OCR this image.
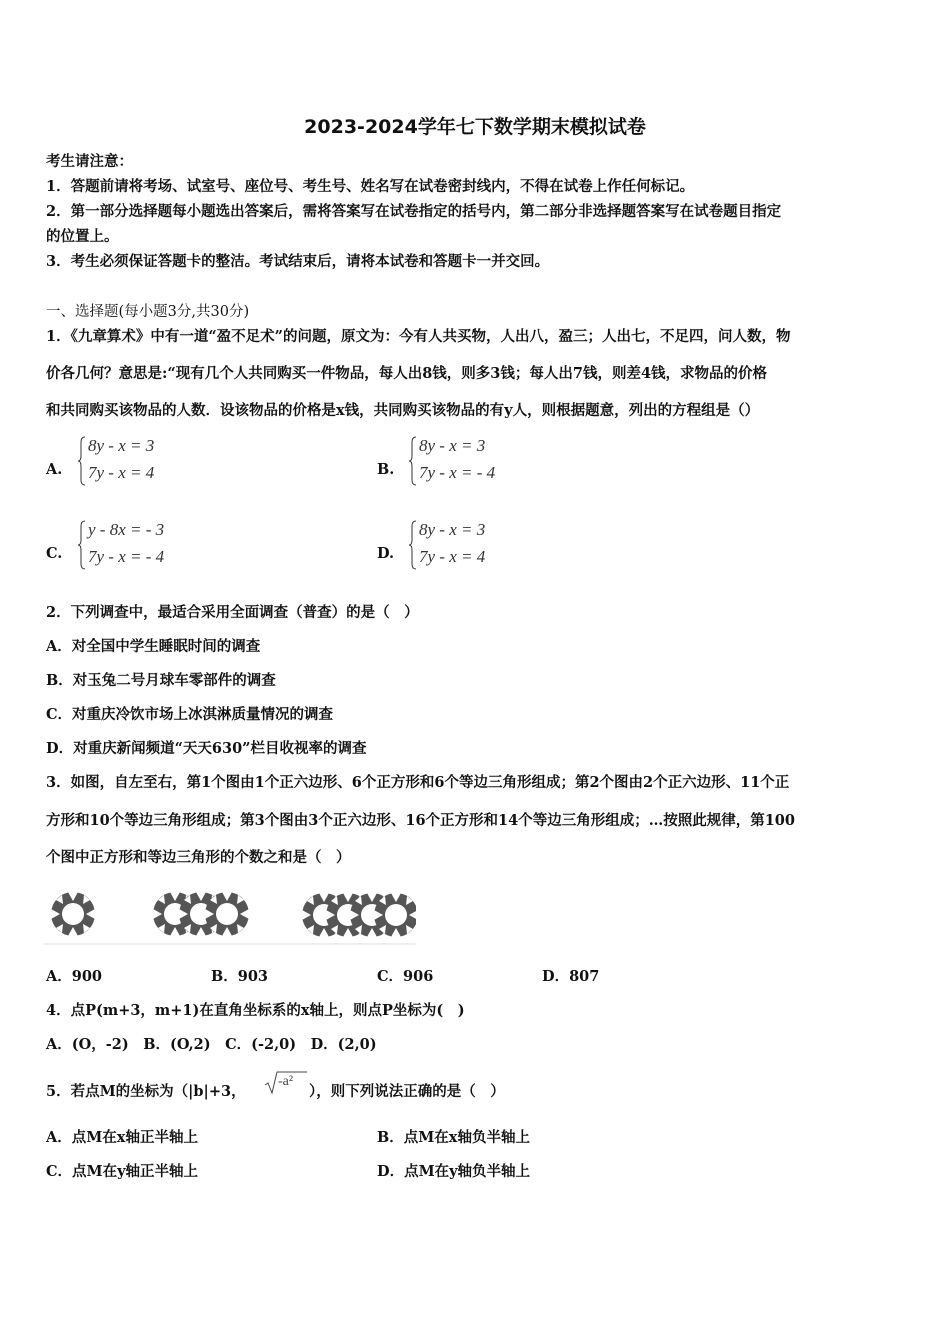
2023-2024学年七下数学期末模拟试卷
考生请注意：
1．答题前请将考场、试室号、座位号、考生号、姓名写在试卷密封线内，不得在试卷上作任何标记。
2．第一部分选择题每小题选出答案后，需将答案写在试卷指定的括号内，第二部分非选择题答案写在试卷题目指定
的位置上。
3．考生必须保证答题卡的整洁。考试结束后，请将本试卷和答题卡一并交回。
一、选择题(每小题3分,共30分)
1．《九章算术》中有一道“盈不足术”的问题，原文为：今有人共买物，人出八，盈三；人出七，不足四，问人数，物
价各几何？意思是:“现有几个人共同购买一件物品，每人出8钱，则多3钱；每人出7钱，则差4钱，求物品的价格
和共同购买该物品的人数．设该物品的价格是x钱，共同购买该物品的有y人，则根据题意，列出的方程组是（）
A.
8y - x = 3
7y - x = 4	B.
8y - x = 3
7y - x = - 4
C.
y - 8x = - 3
7y - x = - 4	D.
8y - x = 3
7y - x = 4
2．下列调查中，最适合采用全面调查（普查）的是（　）
A．对全国中学生睡眠时间的调查
B．对玉兔二号月球车零部件的调查
C．对重庆冷饮市场上冰淇淋质量情况的调查
D．对重庆新闻频道“天天630”栏目收视率的调查
3．如图，自左至右，第1个图由1个正六边形、6个正方形和6个等边三角形组成；第2个图由2个正六边形、11个正
方形和10个等边三角形组成；第3个图由3个正六边形、16个正方形和14个等边三角形组成；…按照此规律，第100
个图中正方形和等边三角形的个数之和是（　）
A．900	B．903	C．906	D．807
4．点P(m+3，m+1)在直角坐标系的x轴上，则点P坐标为(　)
A．(O，-2)　B．(O,2)　C．(-2,0)　D．(2,0)
5．若点M的坐标为（|b|+3，
-a²
），则下列说法正确的是（　）
A．点M在x轴正半轴上	B．点M在x轴负半轴上
C．点M在y轴正半轴上	D．点M在y轴负半轴上
